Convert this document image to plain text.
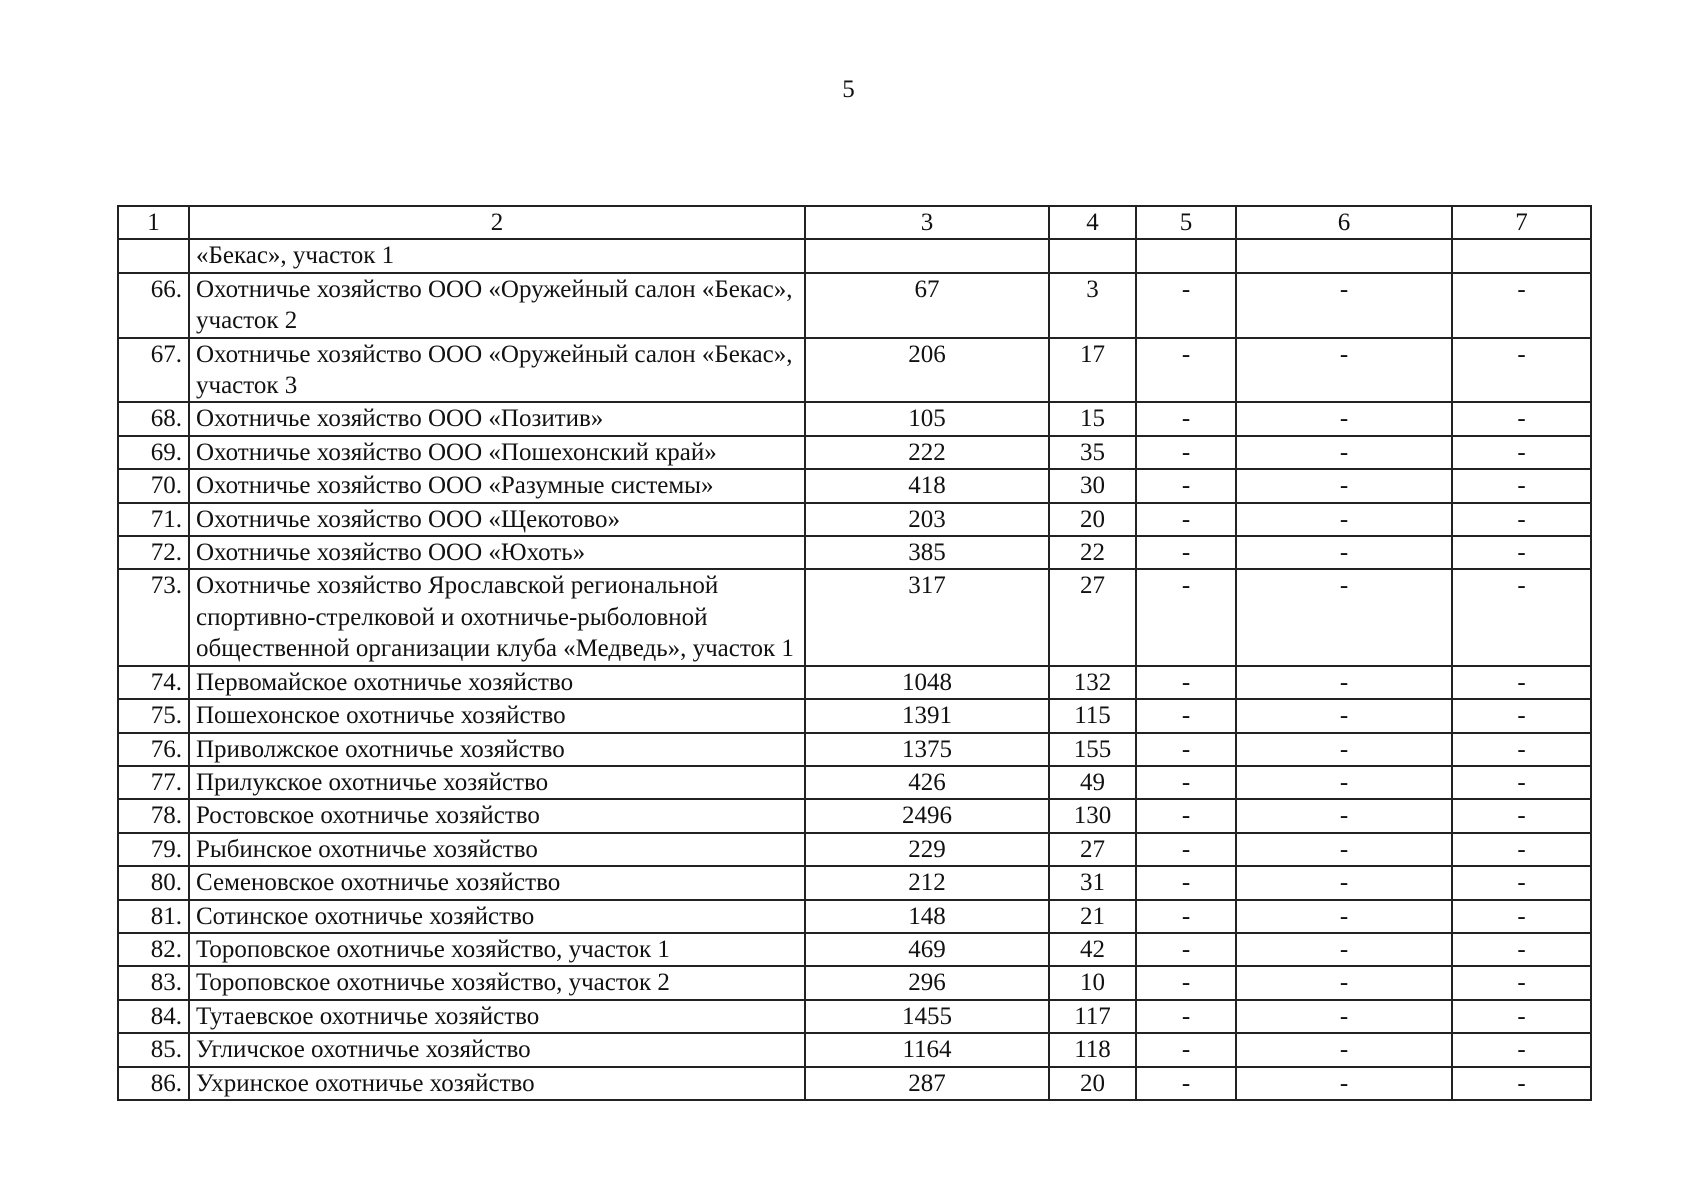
5
1	2	3	4	5	6	7
	«Бекас», участок 1					
66.	Охотничье хозяйство ООО «Оружейный салон «Бекас», участок 2	67	3	-	-	-
67.	Охотничье хозяйство ООО «Оружейный салон «Бекас», участок 3	206	17	-	-	-
68.	Охотничье хозяйство ООО «Позитив»	105	15	-	-	-
69.	Охотничье хозяйство ООО «Пошехонский край»	222	35	-	-	-
70.	Охотничье хозяйство ООО «Разумные системы»	418	30	-	-	-
71.	Охотничье хозяйство ООО «Щекотово»	203	20	-	-	-
72.	Охотничье хозяйство ООО «Юхоть»	385	22	-	-	-
73.	Охотничье хозяйство Ярославской региональной спортивно-стрелковой и охотничье-рыболовной общественной организации клуба «Медведь», участок 1	317	27	-	-	-
74.	Первомайское охотничье хозяйство	1048	132	-	-	-
75.	Пошехонское охотничье хозяйство	1391	115	-	-	-
76.	Приволжское охотничье хозяйство	1375	155	-	-	-
77.	Прилукское охотничье хозяйство	426	49	-	-	-
78.	Ростовское охотничье хозяйство	2496	130	-	-	-
79.	Рыбинское охотничье хозяйство	229	27	-	-	-
80.	Семеновское охотничье хозяйство	212	31	-	-	-
81.	Сотинское охотничье хозяйство	148	21	-	-	-
82.	Тороповское охотничье хозяйство, участок 1	469	42	-	-	-
83.	Тороповское охотничье хозяйство, участок 2	296	10	-	-	-
84.	Тутаевское охотничье хозяйство	1455	117	-	-	-
85.	Угличское охотничье хозяйство	1164	118	-	-	-
86.	Ухринское охотничье хозяйство	287	20	-	-	-
